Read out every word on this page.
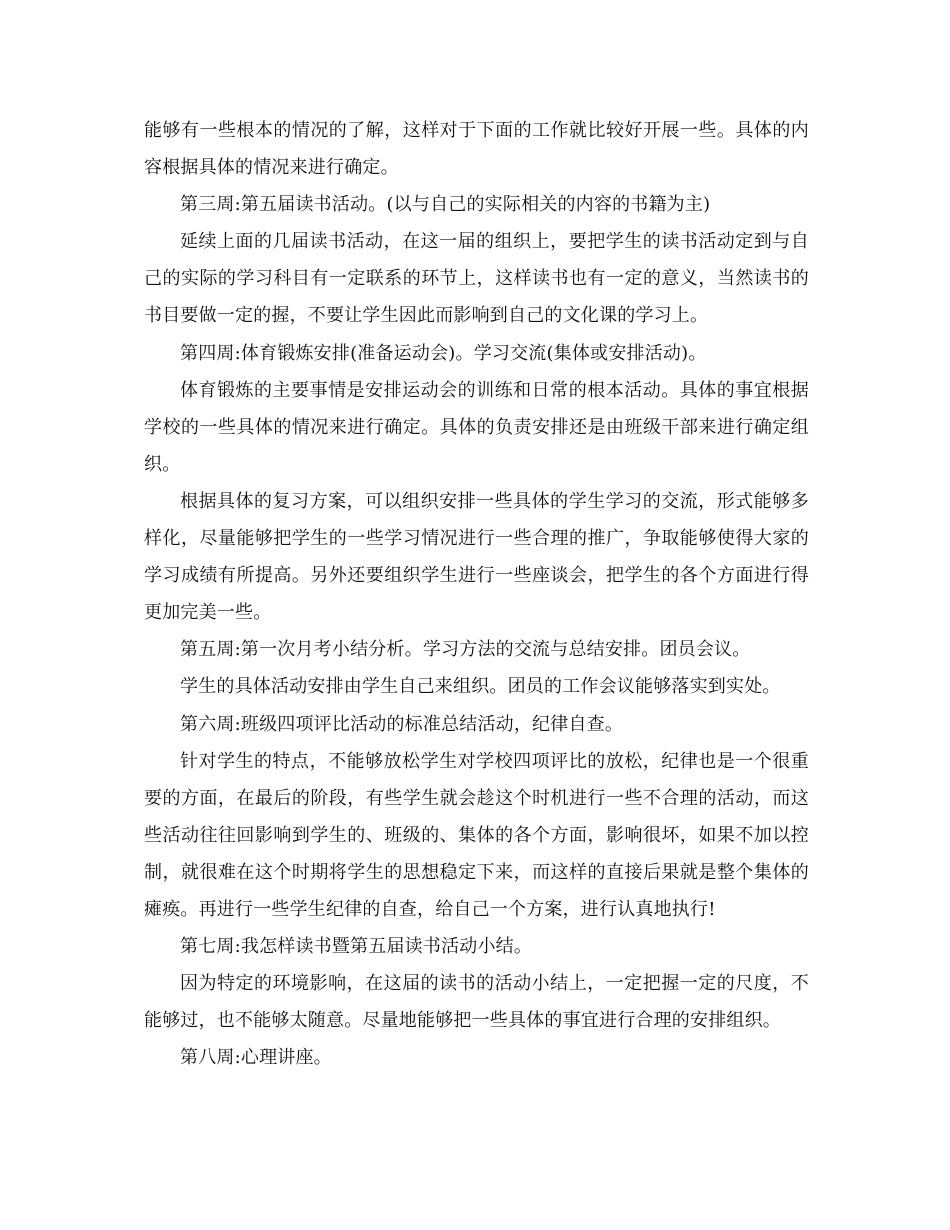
能够有一些根本的情况的了解，这样对于下面的工作就比较好开展一些。具体的内容根据具体的情况来进行确定。

第三周:第五届读书活动。(以与自己的实际相关的内容的书籍为主)

延续上面的几届读书活动，在这一届的组织上，要把学生的读书活动定到与自己的实际的学习科目有一定联系的环节上，这样读书也有一定的意义，当然读书的书目要做一定的握，不要让学生因此而影响到自己的文化课的学习上。

第四周:体育锻炼安排(准备运动会)。学习交流(集体或安排活动)。

体育锻炼的主要事情是安排运动会的训练和日常的根本活动。具体的事宜根据学校的一些具体的情况来进行确定。具体的负责安排还是由班级干部来进行确定组织。

根据具体的复习方案，可以组织安排一些具体的学生学习的交流，形式能够多样化，尽量能够把学生的一些学习情况进行一些合理的推广，争取能够使得大家的学习成绩有所提高。另外还要组织学生进行一些座谈会，把学生的各个方面进行得更加完美一些。

第五周:第一次月考小结分析。学习方法的交流与总结安排。团员会议。

学生的具体活动安排由学生自己来组织。团员的工作会议能够落实到实处。

第六周:班级四项评比活动的标准总结活动，纪律自查。

针对学生的特点，不能够放松学生对学校四项评比的放松，纪律也是一个很重要的方面，在最后的阶段，有些学生就会趁这个时机进行一些不合理的活动，而这些活动往往回影响到学生的、班级的、集体的各个方面，影响很坏，如果不加以控制，就很难在这个时期将学生的思想稳定下来，而这样的直接后果就是整个集体的瘫痪。再进行一些学生纪律的自查，给自己一个方案，进行认真地执行!

第七周:我怎样读书暨第五届读书活动小结。

因为特定的环境影响，在这届的读书的活动小结上，一定把握一定的尺度，不能够过，也不能够太随意。尽量地能够把一些具体的事宜进行合理的安排组织。

第八周:心理讲座。
